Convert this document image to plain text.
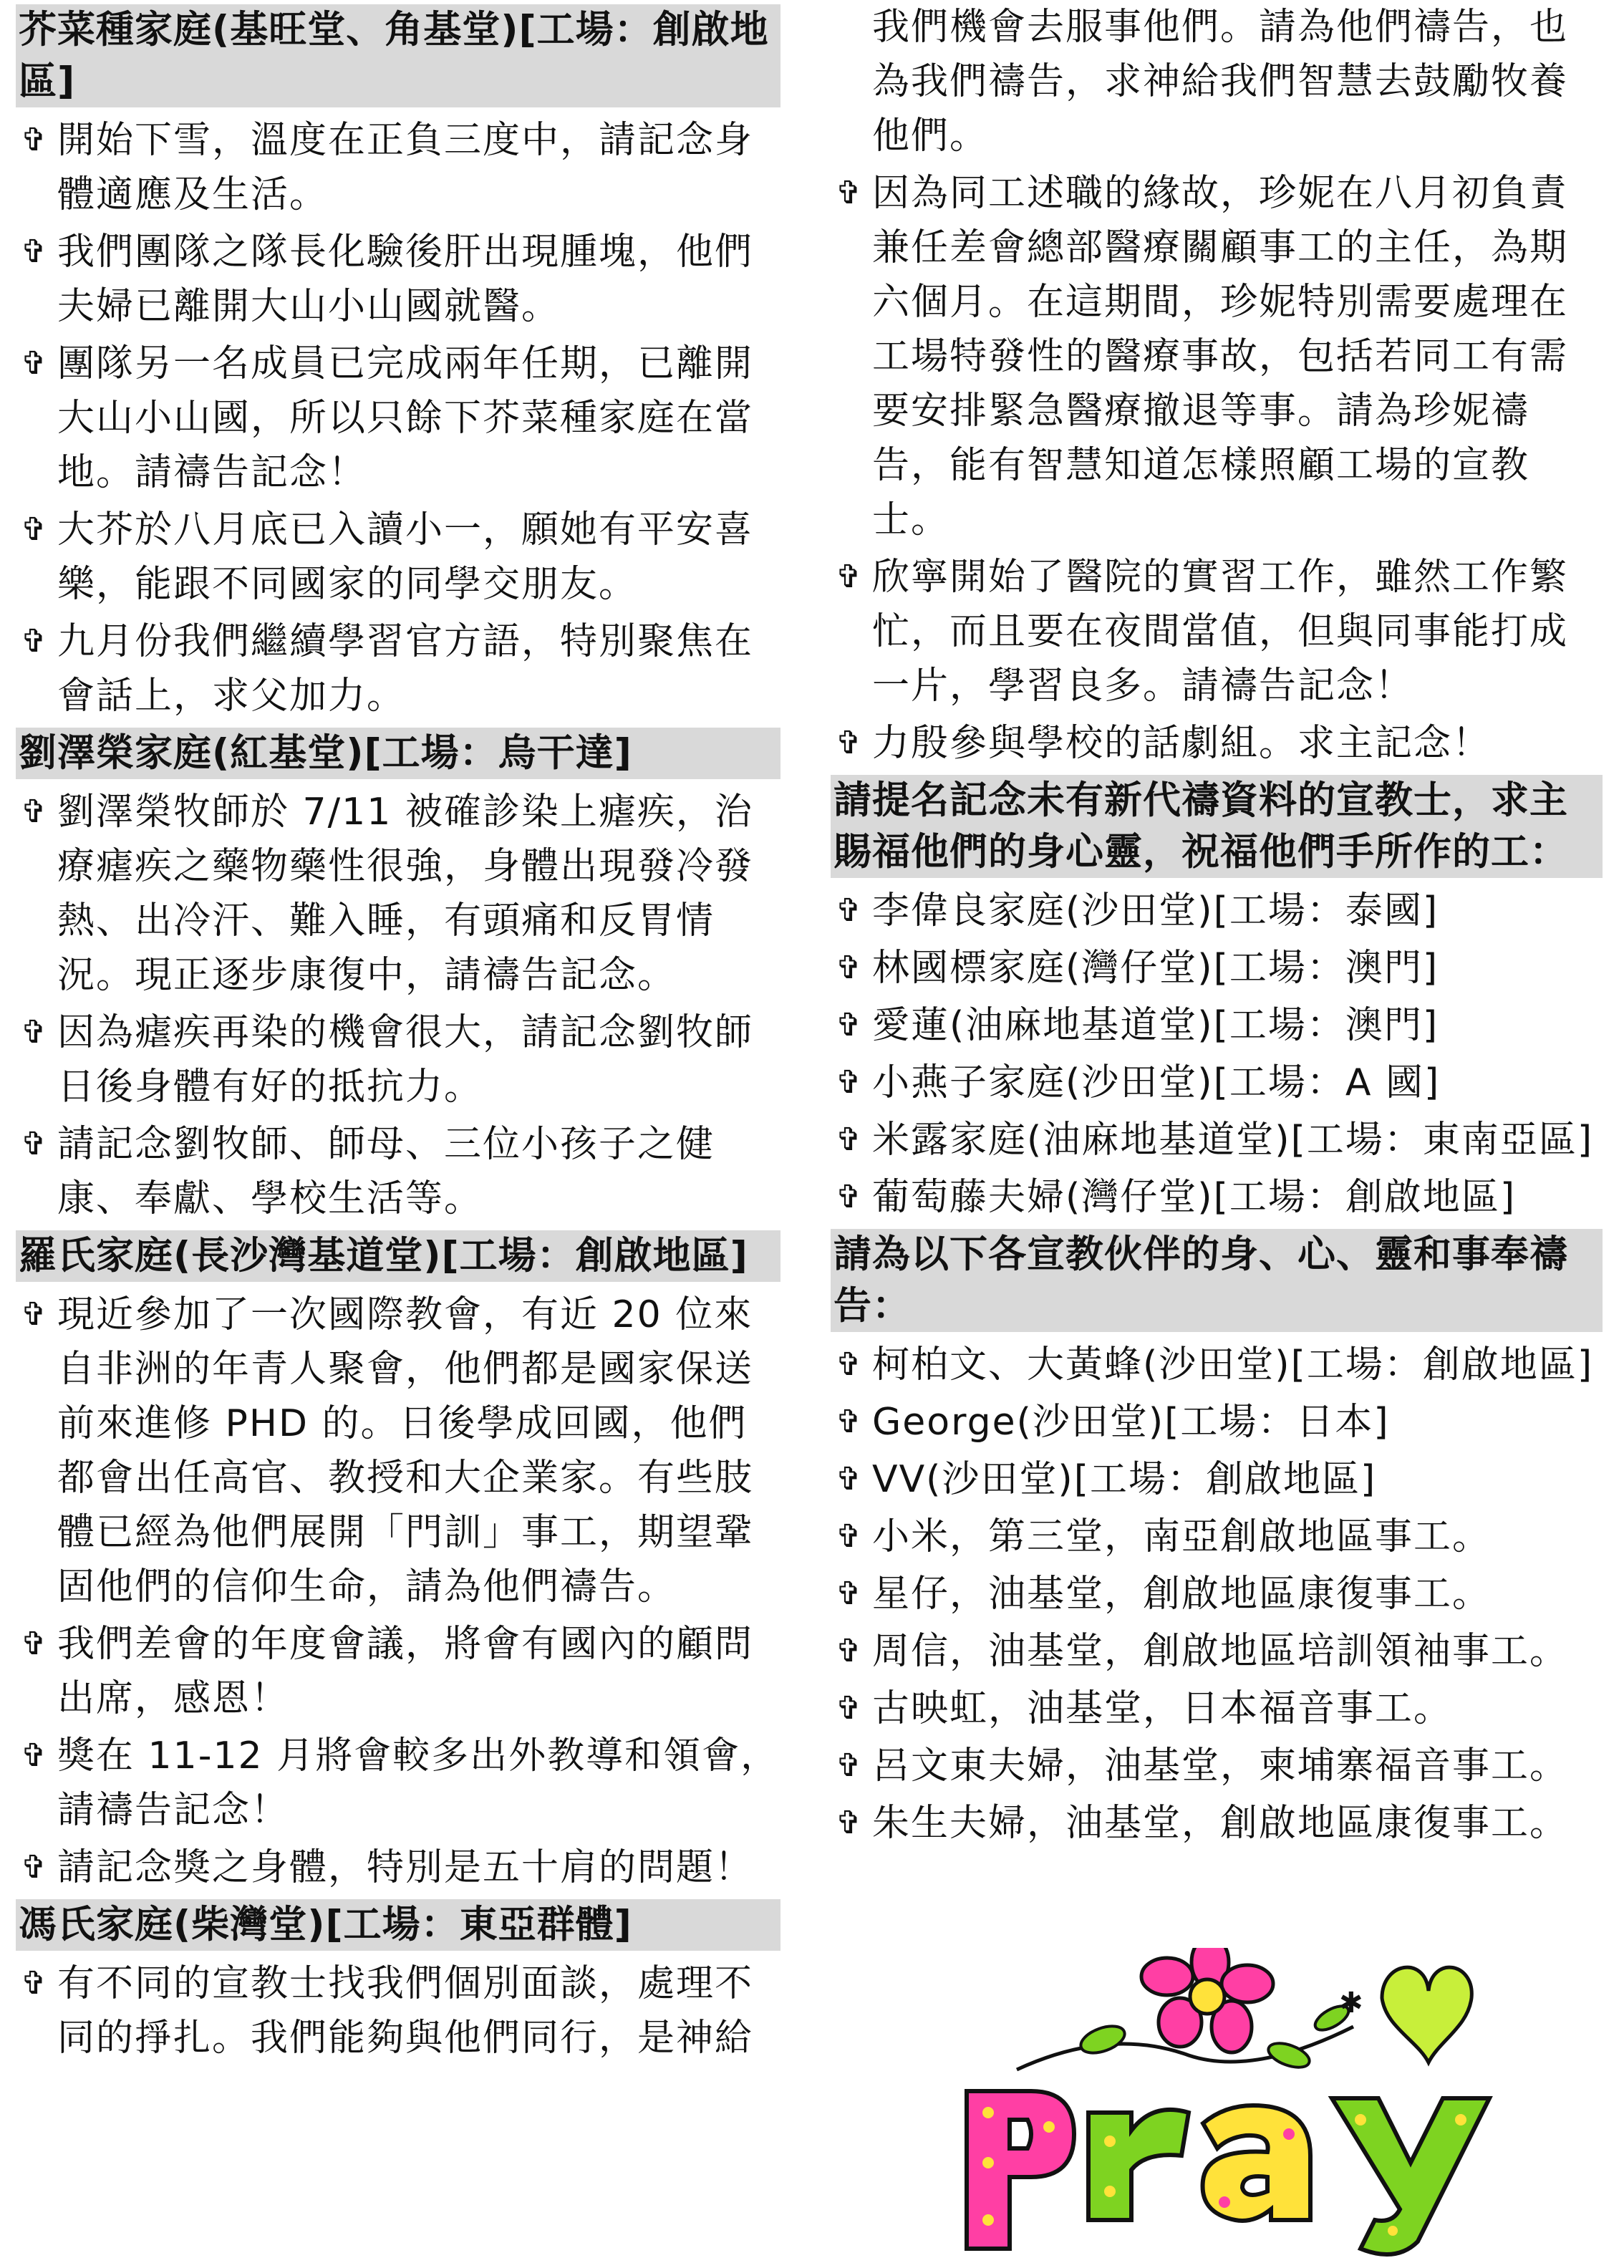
芥菜種家庭(基旺堂、角基堂)[工場：創啟地區]
✞ 開始下雪，溫度在正負三度中，請記念身體適應及生活。
✞ 我們團隊之隊長化驗後肝出現腫塊，他們夫婦已離開大山小山國就醫。
✞ 團隊另一名成員已完成兩年任期，已離開大山小山國，所以只餘下芥菜種家庭在當地。請禱告記念！
✞ 大芥於八月底已入讀小一，願她有平安喜樂，能跟不同國家的同學交朋友。
✞ 九月份我們繼續學習官方語，特別聚焦在會話上，求父加力。
劉澤榮家庭(紅基堂)[工場：烏干達]
✞ 劉澤榮牧師於 7/11 被確診染上瘧疾，治療瘧疾之藥物藥性很強，身體出現發冷發熱、出冷汗、難入睡，有頭痛和反胃情況。現正逐步康復中，請禱告記念。
✞ 因為瘧疾再染的機會很大，請記念劉牧師日後身體有好的抵抗力。
✞ 請記念劉牧師、師母、三位小孩子之健康、奉獻、學校生活等。
羅氏家庭(長沙灣基道堂)[工場：創啟地區]
✞ 現近參加了一次國際教會，有近 20 位來自非洲的年青人聚會，他們都是國家保送前來進修 PHD 的。日後學成回國，他們都會出任高官、教授和大企業家。有些肢體已經為他們展開「門訓」事工，期望鞏固他們的信仰生命，請為他們禱告。
✞ 我們差會的年度會議，將會有國內的顧問出席，感恩！
✞ 獎在 11-12 月將會較多出外教導和領會，請禱告記念！
✞ 請記念獎之身體，特別是五十肩的問題！
馮氏家庭(柴灣堂)[工場：東亞群體]
✞ 有不同的宣教士找我們個別面談，處理不同的掙扎。我們能夠與他們同行，是神給
我們機會去服事他們。請為他們禱告，也為我們禱告，求神給我們智慧去鼓勵牧養他們。
✞ 因為同工述職的緣故，珍妮在八月初負責兼任差會總部醫療關顧事工的主任，為期六個月。在這期間，珍妮特別需要處理在工場特發性的醫療事故，包括若同工有需要安排緊急醫療撤退等事。請為珍妮禱告，能有智慧知道怎樣照顧工場的宣教士。
✞ 欣寧開始了醫院的實習工作，雖然工作繁忙，而且要在夜間當值，但與同事能打成一片，學習良多。請禱告記念！
✞ 力殷參與學校的話劇組。求主記念！
請提名記念未有新代禱資料的宣教士，求主賜福他們的身心靈，祝福他們手所作的工：
✞ 李偉良家庭(沙田堂)[工場：泰國]
✞ 林國標家庭(灣仔堂)[工場：澳門]
✞ 愛蓮(油麻地基道堂)[工場：澳門]
✞ 小燕子家庭(沙田堂)[工場：A 國]
✞ 米露家庭(油麻地基道堂)[工場：東南亞區]
✞ 葡萄藤夫婦(灣仔堂)[工場：創啟地區]
請為以下各宣教伙伴的身、心、靈和事奉禱告：
✞ 柯柏文、大黃蜂(沙田堂)[工場：創啟地區]
✞ George(沙田堂)[工場：日本]
✞ VV(沙田堂)[工場：創啟地區]
✞ 小米，第三堂，南亞創啟地區事工。
✞ 星仔，油基堂，創啟地區康復事工。
✞ 周信，油基堂，創啟地區培訓領袖事工。
✞ 古映虹，油基堂，日本福音事工。
✞ 呂文東夫婦，油基堂，柬埔寨福音事工。
✞ 朱生夫婦，油基堂，創啟地區康復事工。
✱
